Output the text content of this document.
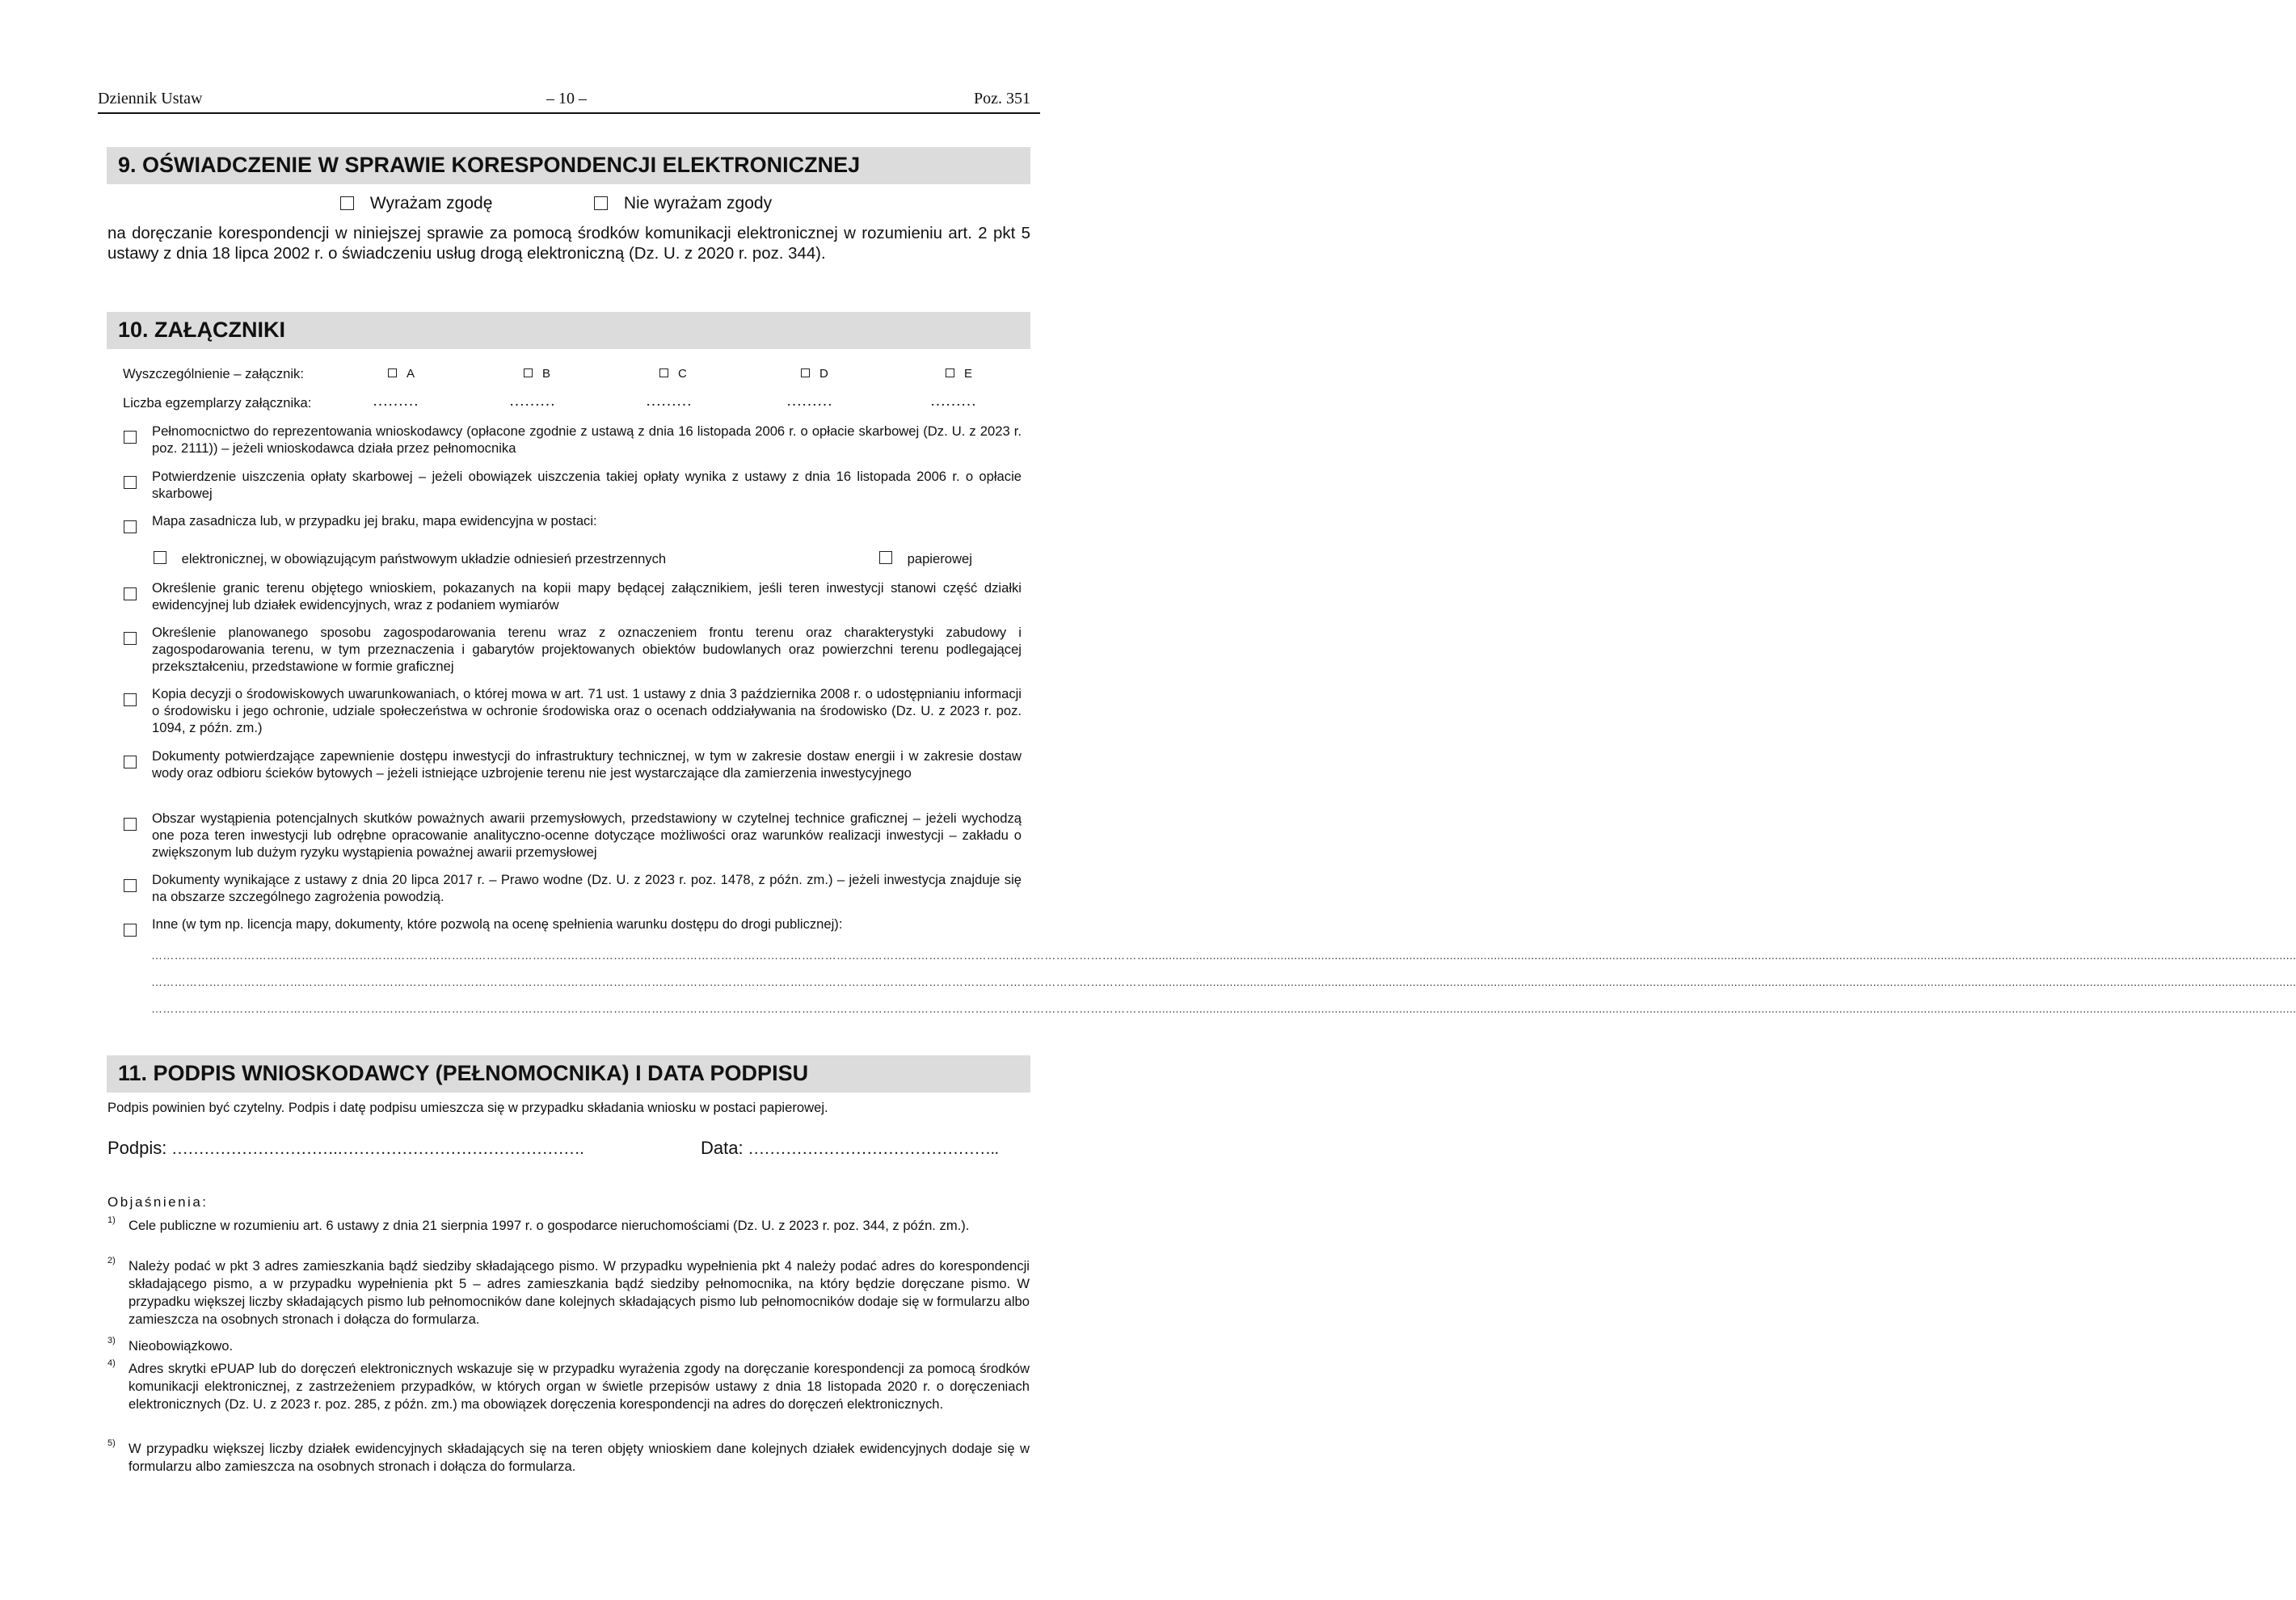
Dziennik Ustaw	– 10 –	Poz. 351
9. OŚWIADCZENIE W SPRAWIE KORESPONDENCJI ELEKTRONICZNEJ
Wyrażam zgodę	Nie wyrażam zgody
na doręczanie korespondencji w niniejszej sprawie za pomocą środków komunikacji elektronicznej w rozumieniu art. 2 pkt 5 ustawy z dnia 18 lipca 2002 r. o świadczeniu usług drogą elektroniczną (Dz. U. z 2020 r. poz. 344).
10. ZAŁĄCZNIKI
Wyszczególnienie – załącznik:	A	B	C	D	E
Liczba egzemplarzy załącznika:	………	………	………	………	………
Pełnomocnictwo do reprezentowania wnioskodawcy (opłacone zgodnie z ustawą z dnia 16 listopada 2006 r. o opłacie skarbowej (Dz. U. z 2023 r. poz. 2111)) – jeżeli wnioskodawca działa przez pełnomocnika
Potwierdzenie uiszczenia opłaty skarbowej – jeżeli obowiązek uiszczenia takiej opłaty wynika z ustawy z dnia 16 listopada 2006 r. o opłacie skarbowej
Mapa zasadnicza lub, w przypadku jej braku, mapa ewidencyjna w postaci:
elektronicznej, w obowiązującym państwowym układzie odniesień przestrzennych	papierowej
Określenie granic terenu objętego wnioskiem, pokazanych na kopii mapy będącej załącznikiem, jeśli teren inwestycji stanowi część działki ewidencyjnej lub działek ewidencyjnych, wraz z podaniem wymiarów
Określenie planowanego sposobu zagospodarowania terenu wraz z oznaczeniem frontu terenu oraz charakterystyki zabudowy i zagospodarowania terenu, w tym przeznaczenia i gabarytów projektowanych obiektów budowlanych oraz powierzchni terenu podlegającej przekształceniu, przedstawione w formie graficznej
Kopia decyzji o środowiskowych uwarunkowaniach, o której mowa w art. 71 ust. 1 ustawy z dnia 3 października 2008 r. o udostępnianiu informacji o środowisku i jego ochronie, udziale społeczeństwa w ochronie środowiska oraz o ocenach oddziaływania na środowisko (Dz. U. z 2023 r. poz. 1094, z późn. zm.)
Dokumenty potwierdzające zapewnienie dostępu inwestycji do infrastruktury technicznej, w tym w zakresie dostaw energii i w zakresie dostaw wody oraz odbioru ścieków bytowych – jeżeli istniejące uzbrojenie terenu nie jest wystarczające dla zamierzenia inwestycyjnego
Obszar wystąpienia potencjalnych skutków poważnych awarii przemysłowych, przedstawiony w czytelnej technice graficznej – jeżeli wychodzą one poza teren inwestycji lub odrębne opracowanie analityczno-ocenne dotyczące możliwości oraz warunków realizacji inwestycji – zakładu o zwiększonym lub dużym ryzyku wystąpienia poważnej awarii przemysłowej
Dokumenty wynikające z ustawy z dnia 20 lipca 2017 r. – Prawo wodne (Dz. U. z 2023 r. poz. 1478, z późn. zm.) – jeżeli inwestycja znajduje się na obszarze szczególnego zagrożenia powodzią.
Inne (w tym np. licencja mapy, dokumenty, które pozwolą na ocenę spełnienia warunku dostępu do drogi publicznej):
……………………………………………………………………………………………………………….……………………………………………………………………………………………………………………...................................................................................................................................................................................................................................................................................................................................................
……………………………………………………………………………………………………………….……………………………………………………………………………………………………………………...................................................................................................................................................................................................................................................................................................................................................
……………………………………………………………………………………………………………….……………………………………………………………………………………………………………………...................................................................................................................................................................................................................................................................................................................................................
11. PODPIS WNIOSKODAWCY (PEŁNOMOCNIKA) I DATA PODPISU
Podpis powinien być czytelny. Podpis i datę podpisu umieszcza się w przypadku składania wniosku w postaci papierowej.
Podpis: ………………………….……………………………………….	Data: ………………………………………..
Objaśnienia:
1) Cele publiczne w rozumieniu art. 6 ustawy z dnia 21 sierpnia 1997 r. o gospodarce nieruchomościami (Dz. U. z 2023 r. poz. 344, z późn. zm.).
2) Należy podać w pkt 3 adres zamieszkania bądź siedziby składającego pismo. W przypadku wypełnienia pkt 4 należy podać adres do korespondencji składającego pismo, a w przypadku wypełnienia pkt 5 – adres zamieszkania bądź siedziby pełnomocnika, na który będzie doręczane pismo. W przypadku większej liczby składających pismo lub pełnomocników dane kolejnych składających pismo lub pełnomocników dodaje się w formularzu albo zamieszcza na osobnych stronach i dołącza do formularza.
3) Nieobowiązkowo.
4) Adres skrytki ePUAP lub do doręczeń elektronicznych wskazuje się w przypadku wyrażenia zgody na doręczanie korespondencji za pomocą środków komunikacji elektronicznej, z zastrzeżeniem przypadków, w których organ w świetle przepisów ustawy z dnia 18 listopada 2020 r. o doręczeniach elektronicznych (Dz. U. z 2023 r. poz. 285, z późn. zm.) ma obowiązek doręczenia korespondencji na adres do doręczeń elektronicznych.
5) W przypadku większej liczby działek ewidencyjnych składających się na teren objęty wnioskiem dane kolejnych działek ewidencyjnych dodaje się w formularzu albo zamieszcza na osobnych stronach i dołącza do formularza.
